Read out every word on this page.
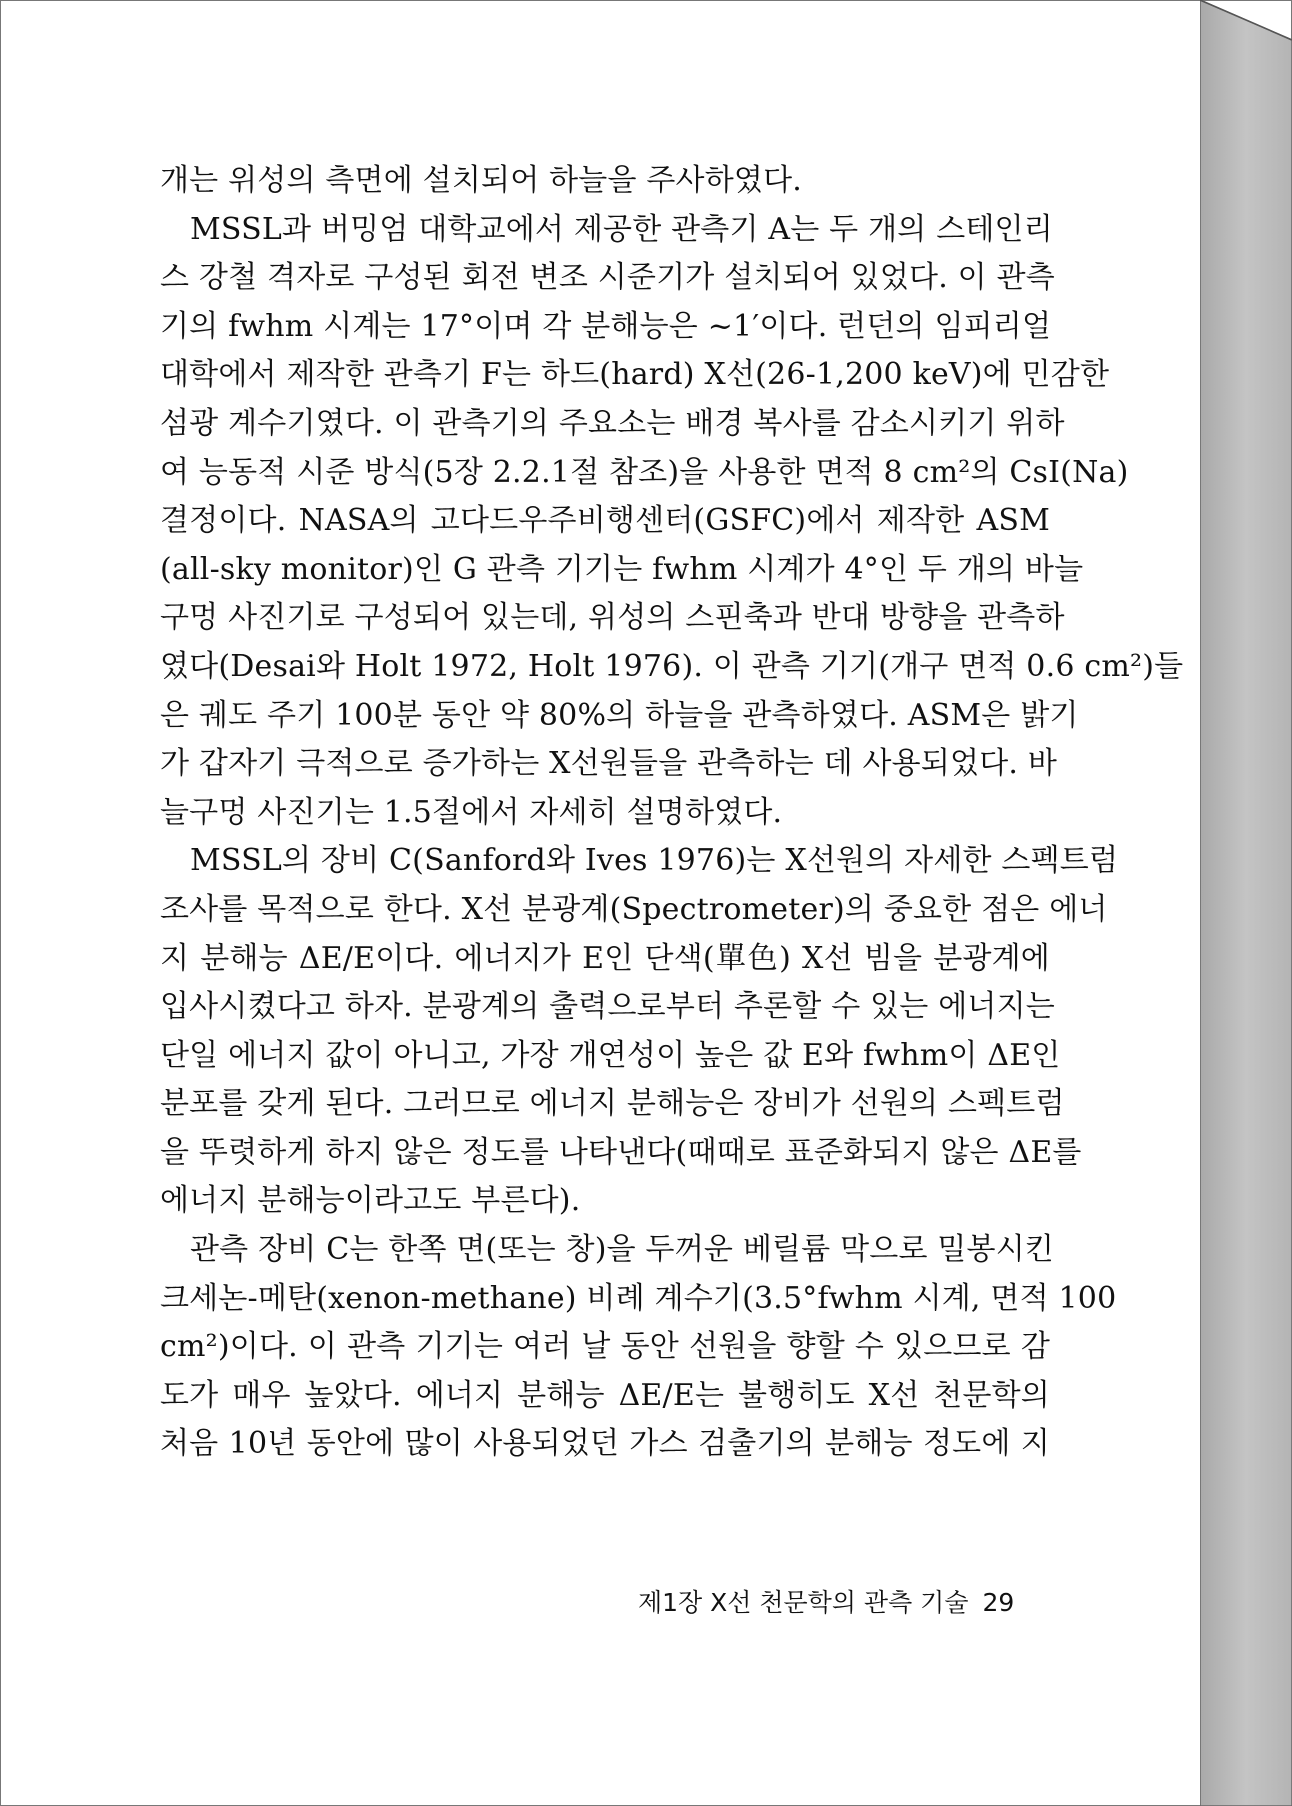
개는 위성의 측면에 설치되어 하늘을 주사하였다.
MSSL과 버밍엄 대학교에서 제공한 관측기 A는 두 개의 스테인리
스 강철 격자로 구성된 회전 변조 시준기가 설치되어 있었다. 이 관측
기의 fwhm 시계는 17°이며 각 분해능은 ~1′이다. 런던의 임피리얼
대학에서 제작한 관측기 F는 하드(hard) X선(26-1,200 keV)에 민감한
섬광 계수기였다. 이 관측기의 주요소는 배경 복사를 감소시키기 위하
여 능동적 시준 방식(5장 2.2.1절 참조)을 사용한 면적 8 cm²의 CsI(Na)
결정이다. NASA의 고다드우주비행센터(GSFC)에서 제작한 ASM
(all-sky monitor)인 G 관측 기기는 fwhm 시계가 4°인 두 개의 바늘
구멍 사진기로 구성되어 있는데, 위성의 스핀축과 반대 방향을 관측하
였다(Desai와 Holt 1972, Holt 1976). 이 관측 기기(개구 면적 0.6 cm²)들
은 궤도 주기 100분 동안 약 80%의 하늘을 관측하였다. ASM은 밝기
가 갑자기 극적으로 증가하는 X선원들을 관측하는 데 사용되었다. 바
늘구멍 사진기는 1.5절에서 자세히 설명하였다.
MSSL의 장비 C(Sanford와 Ives 1976)는 X선원의 자세한 스펙트럼
조사를 목적으로 한다. X선 분광계(Spectrometer)의 중요한 점은 에너
지 분해능 ΔE/E이다. 에너지가 E인 단색(單色) X선 빔을 분광계에
입사시켰다고 하자. 분광계의 출력으로부터 추론할 수 있는 에너지는
단일 에너지 값이 아니고, 가장 개연성이 높은 값 E와 fwhm이 ΔE인
분포를 갖게 된다. 그러므로 에너지 분해능은 장비가 선원의 스펙트럼
을 뚜렷하게 하지 않은 정도를 나타낸다(때때로 표준화되지 않은 ΔE를
에너지 분해능이라고도 부른다).
관측 장비 C는 한쪽 면(또는 창)을 두꺼운 베릴륨 막으로 밀봉시킨
크세논-메탄(xenon-methane) 비례 계수기(3.5°fwhm 시계, 면적 100
cm²)이다. 이 관측 기기는 여러 날 동안 선원을 향할 수 있으므로 감
도가 매우 높았다. 에너지 분해능 ΔE/E는 불행히도 X선 천문학의
처음 10년 동안에 많이 사용되었던 가스 검출기의 분해능 정도에 지
제1장 X선 천문학의 관측 기술 29
